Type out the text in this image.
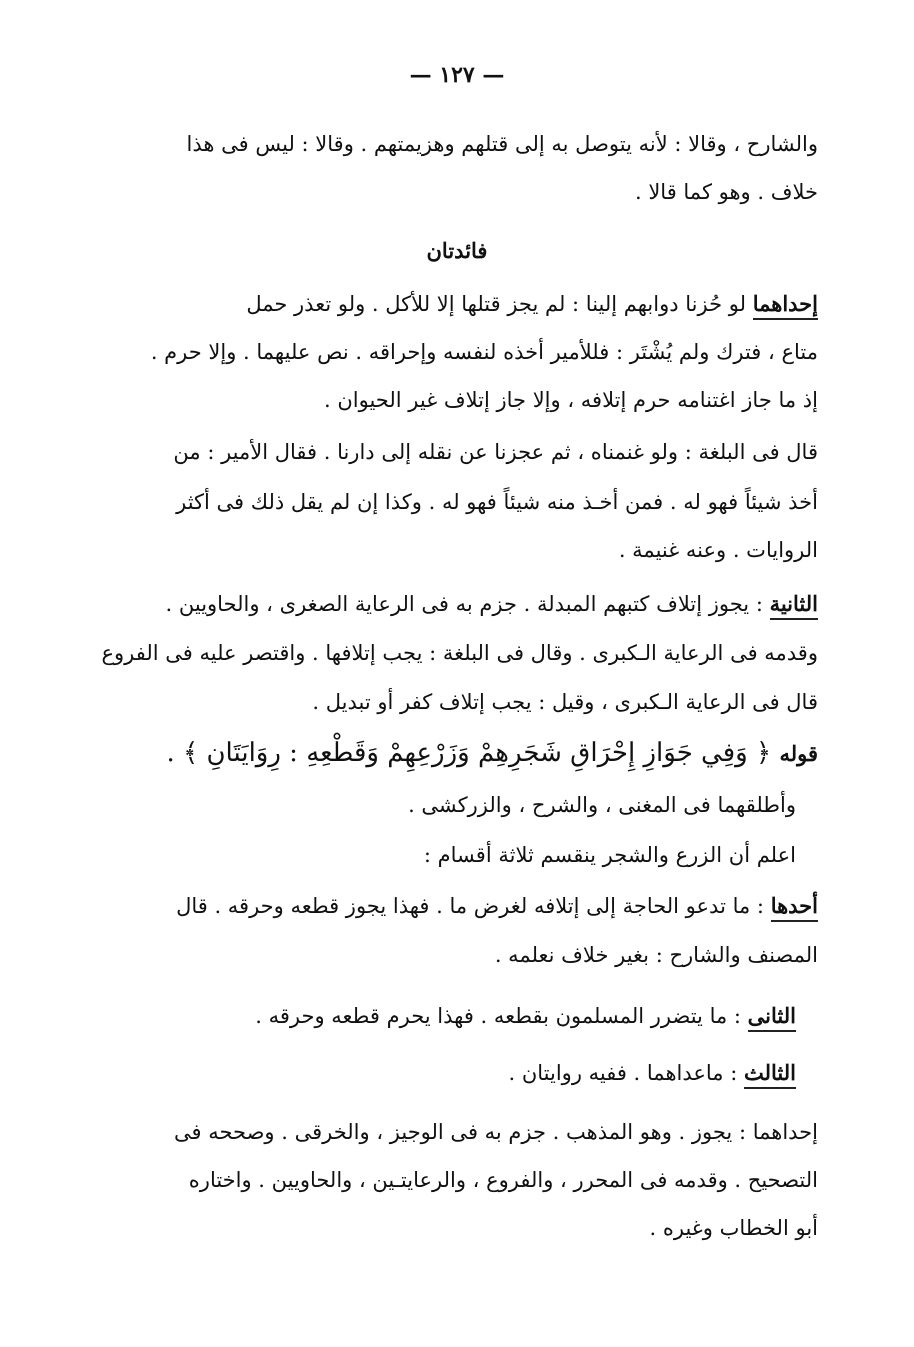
— ١٢٧ —
والشارح ، وقالا : لأنه يتوصل به إلى قتلهم وهزيمتهم . وقالا : ليس فى هذا
خلاف . وهو كما قالا .
فائدتان
إحداهما لو حُزنا دوابهم إلينا : لم يجز قتلها إلا للأكل . ولو تعذر حمل
متاع ، فترك ولم يُشْتَر : فللأمير أخذه لنفسه وإحراقه . نص عليهما . وإلا حرم .
إذ ما جاز اغتنامه حرم إتلافه ، وإلا جاز إتلاف غير الحيوان .
قال فى البلغة : ولو غنمناه ، ثم عجزنا عن نقله إلى دارنا . فقال الأمير : من
أخذ شيئاً فهو له . فمن أخـذ منه شيئاً فهو له . وكذا إن لم يقل ذلك فى أكثر
الروايات . وعنه غنيمة .
الثانية : يجوز إتلاف كتبهم المبدلة . جزم به فى الرعاية الصغرى ، والحاويين .
وقدمه فى الرعاية الـكبرى . وقال فى البلغة : يجب إتلافها . واقتصر عليه فى الفروع
قال فى الرعاية الـكبرى ، وقيل : يجب إتلاف كفر أو تبديل .
قوله ﴿ وَفِي جَوَازِ إِحْرَاقِ شَجَرِهِمْ وَزَرْعِهِمْ وَقَطْعِهِ : رِوَايَتَانِ ﴾ .
وأطلقهما فى المغنى ، والشرح ، والزركشى .
اعلم أن الزرع والشجر ينقسم ثلاثة أقسام :
أحدها : ما تدعو الحاجة إلى إتلافه لغرض ما . فهذا يجوز قطعه وحرقه . قال
المصنف والشارح : بغير خلاف نعلمه .
الثانى : ما يتضرر المسلمون بقطعه . فهذا يحرم قطعه وحرقه .
الثالث : ماعداهما . ففيه روايتان .
إحداهما : يجوز . وهو المذهب . جزم به فى الوجيز ، والخرقى . وصححه فى
التصحيح . وقدمه فى المحرر ، والفروع ، والرعايتـين ، والحاويين . واختاره
أبو الخطاب وغيره .
